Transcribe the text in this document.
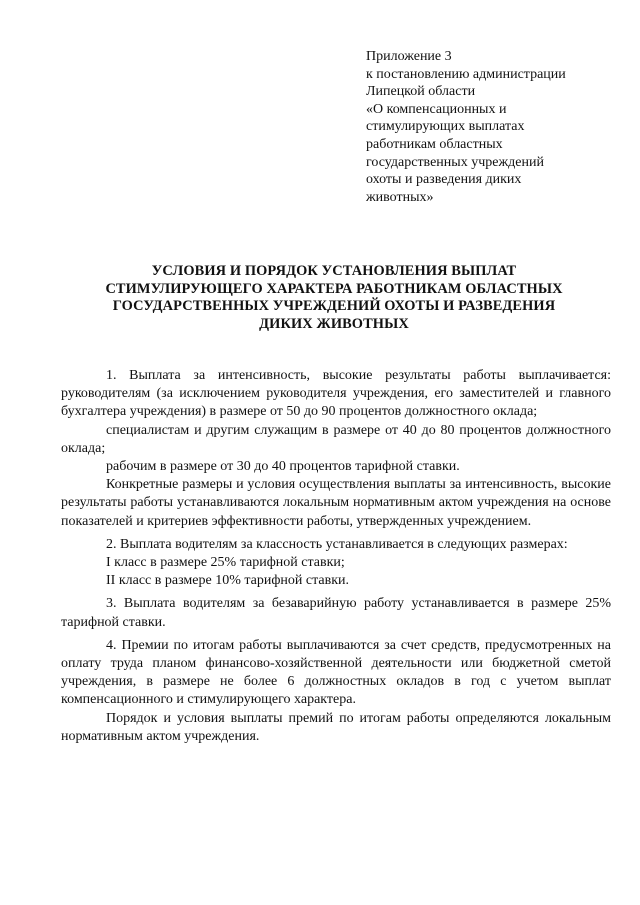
Приложение 3
к постановлению администрации
Липецкой области
«О компенсационных и
стимулирующих выплатах
работникам областных
государственных учреждений
охоты и разведения диких
животных»
УСЛОВИЯ И ПОРЯДОК УСТАНОВЛЕНИЯ ВЫПЛАТ
СТИМУЛИРУЮЩЕГО ХАРАКТЕРА РАБОТНИКАМ ОБЛАСТНЫХ
ГОСУДАРСТВЕННЫХ УЧРЕЖДЕНИЙ ОХОТЫ И РАЗВЕДЕНИЯ
ДИКИХ ЖИВОТНЫХ

1. Выплата за интенсивность, высокие результаты работы выплачивается: руководителям (за исключением руководителя учреждения, его заместителей и главного бухгалтера учреждения) в размере от 50 до 90 процентов должностного оклада;

специалистам и другим служащим в размере от 40 до 80 процентов должностного оклада;

рабочим в размере от 30 до 40 процентов тарифной ставки.

Конкретные размеры и условия осуществления выплаты за интенсивность, высокие результаты работы устанавливаются локальным нормативным актом учреждения на основе показателей и критериев эффективности работы, утвержденных учреждением.

2. Выплата водителям за классность устанавливается в следующих размерах:

I класс в размере 25% тарифной ставки;

II класс в размере 10% тарифной ставки.

3. Выплата водителям за безаварийную работу устанавливается в размере 25% тарифной ставки.

4. Премии по итогам работы выплачиваются за счет средств, предусмотренных на оплату труда планом финансово-хозяйственной деятельности или бюджетной сметой учреждения, в размере не более 6 должностных окладов в год с учетом выплат компенсационного и стимулирующего характера.

Порядок и условия выплаты премий по итогам работы определяются локальным нормативным актом учреждения.
